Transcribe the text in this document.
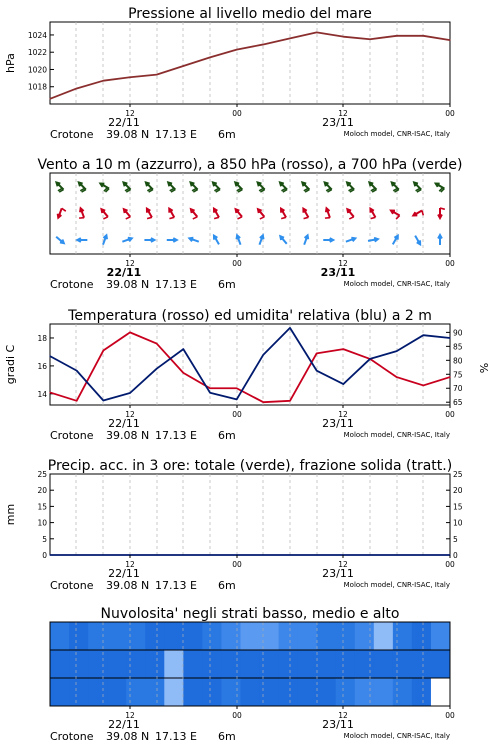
Pressione al livello medio del mare
1018
1020
1022
1024
hPa
12	00	12	00
22/11	23/11
Crotone 39.08 N 17.13 E 6m	Moloch model, CNR-ISAC, Italy
Vento a 10 m (azzurro), a 850 hPa (rosso), a 700 hPa (verde)
12	00	12	00
22/11	23/11
Crotone 39.08 N 17.13 E 6m	Moloch model, CNR-ISAC, Italy
Temperatura (rosso) ed umidita' relativa (blu) a 2 m
14
16
18
65
70
75
80
85
90
gradi C	%
12	00	12	00
22/11	23/11
Crotone 39.08 N 17.13 E 6m	Moloch model, CNR-ISAC, Italy
Precip. acc. in 3 ore: totale (verde), frazione solida (tratt.)
0
5
10
15
20
25
0
5
10
15
20
25
mm
12	00	12	00
22/11	23/11
Crotone 39.08 N 17.13 E 6m	Moloch model, CNR-ISAC, Italy
Nuvolosita' negli strati basso, medio e alto
12	00	12	00
22/11	23/11
Crotone 39.08 N 17.13 E 6m	Moloch model, CNR-ISAC, Italy
